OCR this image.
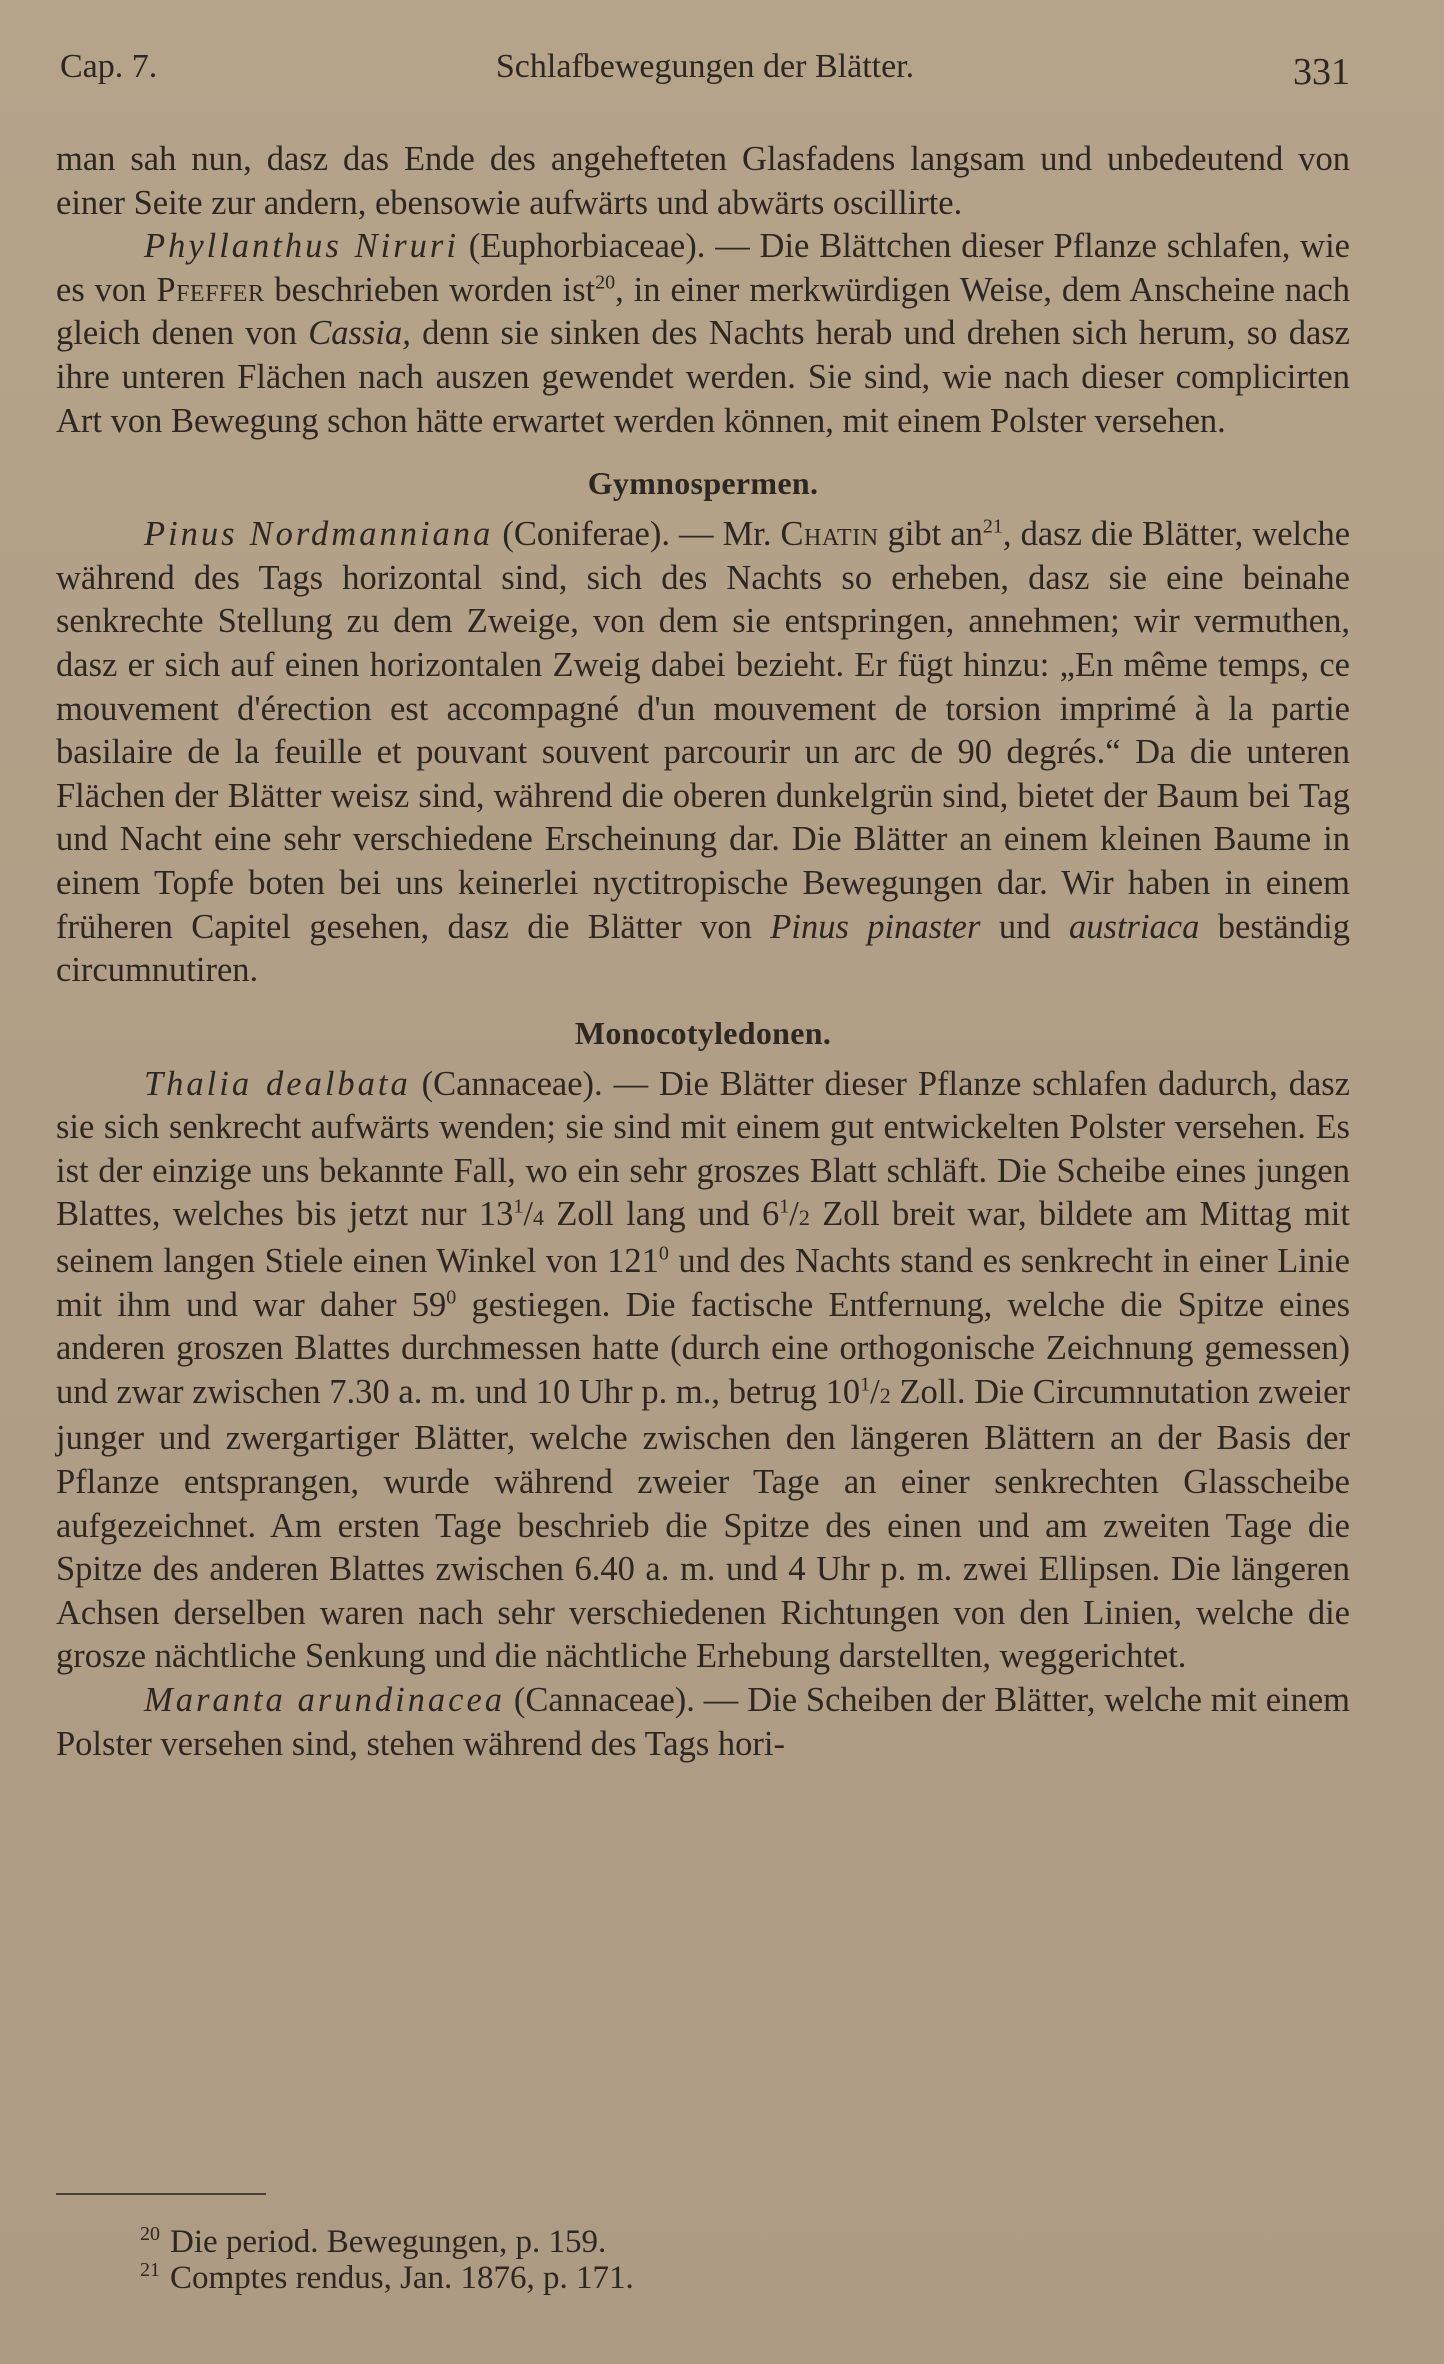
Cap. 7.	Schlafbewegungen der Blätter.	331

man sah nun, dasz das Ende des angehefteten Glasfadens langsam und unbedeutend von einer Seite zur andern, ebensowie aufwärts und abwärts oscillirte.

Phyllanthus Niruri (Euphorbiaceae). — Die Blättchen dieser Pflanze schlafen, wie es von Pfeffer beschrieben worden ist$^{20}$, in einer merkwürdigen Weise, dem Anscheine nach gleich denen von Cassia, denn sie sinken des Nachts herab und drehen sich herum, so dasz ihre unteren Flächen nach auszen gewendet werden. Sie sind, wie nach dieser complicirten Art von Bewegung schon hätte erwartet werden können, mit einem Polster versehen.

Gymnospermen.

Pinus Nordmanniana (Coniferae). — Mr. Chatin gibt $an^{21}$, dasz die Blätter, welche während des Tags horizontal sind, sich des Nachts so erheben, dasz sie eine beinahe senkrechte Stellung zu dem Zweige, von dem sie entspringen, annehmen; wir vermuthen, dasz er sich auf einen horizontalen Zweig dabei bezieht. Er fügt hinzu: „En même temps, ce mouvement d'érection est accompagné d'un mouvement de torsion imprimé à la partie basilaire de la feuille et pouvant souvent parcourir un arc de 90 degrés.“ Da die unteren Flächen der Blätter weisz sind, während die oberen dunkelgrün sind, bietet der Baum bei Tag und Nacht eine sehr verschiedene Erscheinung dar. Die Blätter an einem kleinen Baume in einem Topfe boten bei uns keinerlei nyctitropische Bewegungen dar. Wir haben in einem früheren Capitel gesehen, dasz die Blätter von Pinus pinaster und austriaca beständig circumnutiren.

Monocotyledonen.

Thalia dealbata (Cannaceae). — Die Blätter dieser Pflanze schlafen dadurch, dasz sie sich senkrecht aufwärts wenden; sie sind mit einem gut entwickelten Polster versehen. Es ist der einzige uns bekannte Fall, wo ein sehr groszes Blatt schläft. Die Scheibe eines jungen Blattes, welches bis jetzt nur $13^1/4$ Zoll lang und $6^1/2$ Zoll breit war, bildete am Mittag mit seinem langen Stiele einen Winkel von $121^0$ und des Nachts stand es senkrecht in einer Linie mit ihm und war daher $59^0$ gestiegen. Die factische Entfernung, welche die Spitze eines anderen groszen Blattes durchmessen hatte (durch eine orthogonische Zeichnung gemessen) und zwar zwischen 7.30 a. m. und 10 Uhr p. m., betrug $10^1/2$ Zoll. Die Circumnutation zweier junger und zwergartiger Blätter, welche zwischen den längeren Blättern an der Basis der Pflanze entsprangen, wurde während zweier Tage an einer senkrechten Glasscheibe aufgezeichnet. Am ersten Tage beschrieb die Spitze des einen und am zweiten Tage die Spitze des anderen Blattes zwischen 6.40 a. m. und 4 Uhr p. m. zwei Ellipsen. Die längeren Achsen derselben waren nach sehr verschiedenen Richtungen von den Linien, welche die grosze nächtliche Senkung und die nächtliche Erhebung darstellten, weggerichtet.

Maranta arundinacea (Cannaceae). — Die Scheiben der Blätter, welche mit einem Polster versehen sind, stehen während des Tags hori-

$^{20}$ Die period. Bewegungen, p. 159.
$^{21}$ Comptes rendus, Jan. 1876, p. 171.
